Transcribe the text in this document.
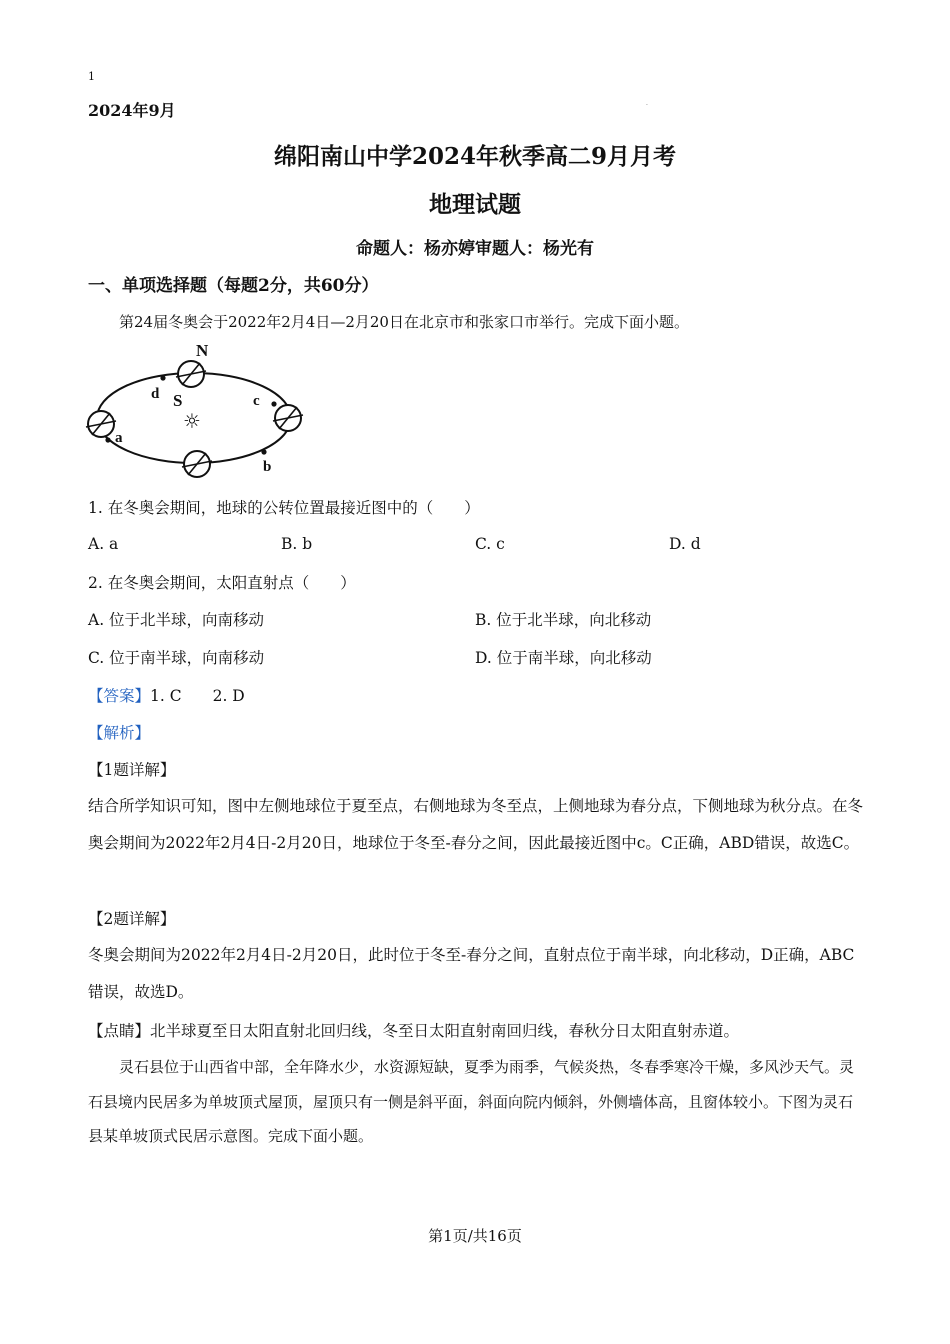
1
2024年9月	.
绵阳南山中学2024年秋季高二9月月考
地理试题
命题人：杨亦婷审题人：杨光有
一、单项选择题（每题2分，共60分）
第24届冬奥会于2022年2月4日—2月20日在北京市和张家口市举行。完成下面小题。
N
S
a
b
c
d
☼
1. 在冬奥会期间，地球的公转位置最接近图中的（　　）
A. a	B. b	C. c	D. d
2. 在冬奥会期间，太阳直射点（　　）
A. 位于北半球，向南移动	B. 位于北半球，向北移动
C. 位于南半球，向南移动	D. 位于南半球，向北移动
【答案】1. C　　2. D
【解析】
【1题详解】
结合所学知识可知，图中左侧地球位于夏至点，右侧地球为冬至点，上侧地球为春分点，下侧地球为秋分点。在冬奥会期间为2022年2月4日-2月20日，地球位于冬至-春分之间，因此最接近图中c。C正确，ABD错误，故选C。
【2题详解】
冬奥会期间为2022年2月4日-2月20日，此时位于冬至-春分之间，直射点位于南半球，向北移动，D正确，ABC错误，故选D。
【点睛】北半球夏至日太阳直射北回归线，冬至日太阳直射南回归线，春秋分日太阳直射赤道。
灵石县位于山西省中部，全年降水少，水资源短缺，夏季为雨季，气候炎热，冬春季寒冷干燥，多风沙天气。灵石县境内民居多为单坡顶式屋顶，屋顶只有一侧是斜平面，斜面向院内倾斜，外侧墙体高，且窗体较小。下图为灵石县某单坡顶式民居示意图。完成下面小题。
第1页/共16页
